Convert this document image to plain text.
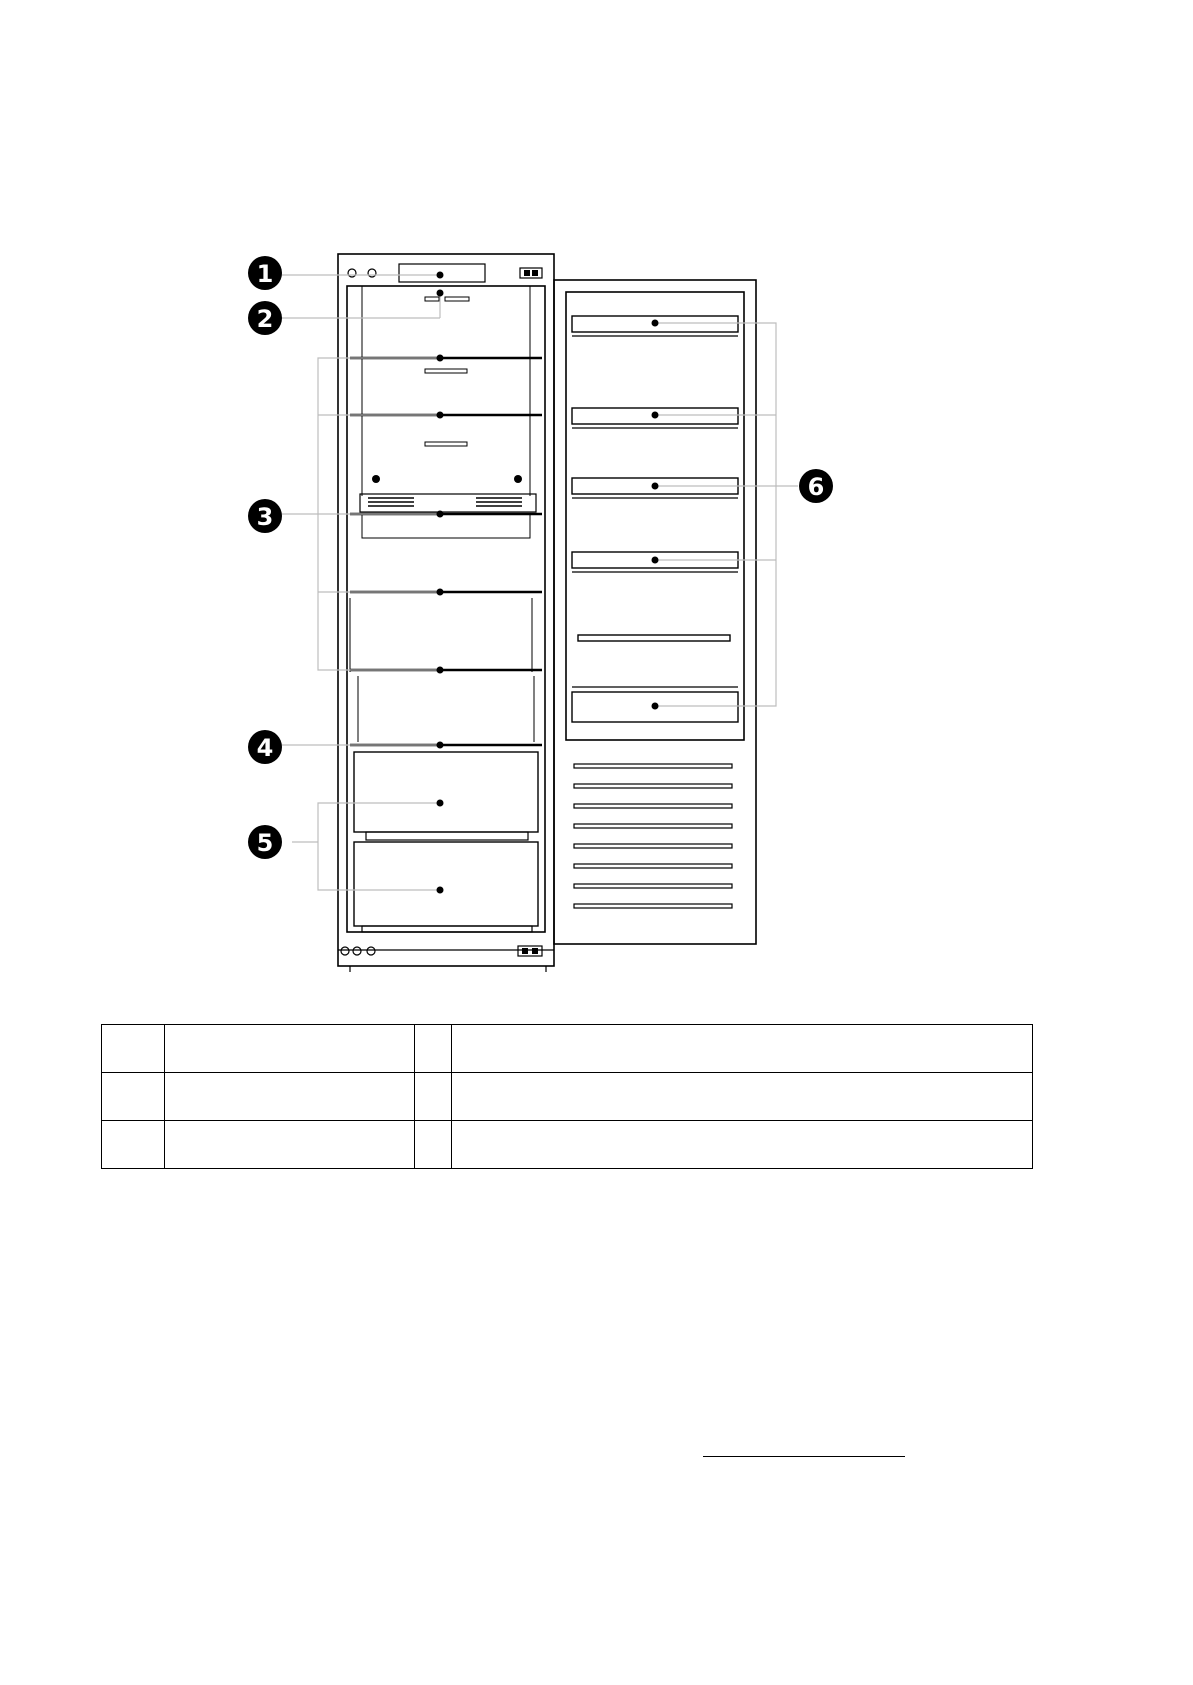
1
2
3
4
5
6
